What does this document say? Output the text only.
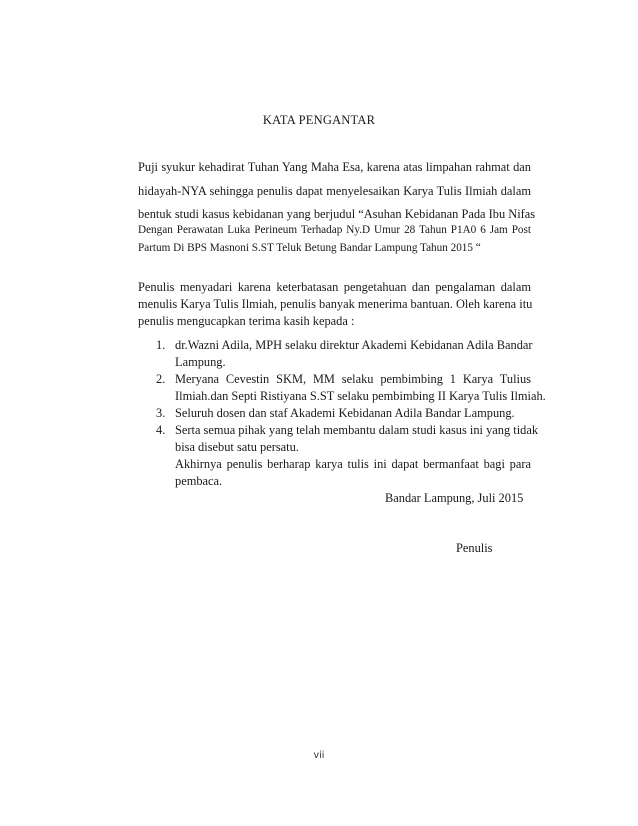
KATA PENGANTAR
Puji syukur kehadirat Tuhan Yang Maha Esa, karena atas limpahan rahmat dan
hidayah-NYA sehingga penulis dapat menyelesaikan Karya Tulis Ilmiah dalam
bentuk studi kasus kebidanan yang berjudul “Asuhan Kebidanan Pada Ibu Nifas
Dengan Perawatan Luka Perineum Terhadap Ny.D Umur 28 Tahun P1A0 6 Jam Post
Partum Di BPS Masnoni S.ST Teluk Betung Bandar Lampung Tahun 2015 “
Penulis menyadari karena keterbatasan pengetahuan dan pengalaman dalam
menulis Karya Tulis Ilmiah, penulis banyak menerima bantuan. Oleh karena itu
penulis mengucapkan terima kasih kepada :
1. dr.Wazni Adila, MPH selaku direktur Akademi Kebidanan Adila Bandar
Lampung.
2. Meryana Cevestin SKM, MM selaku pembimbing 1 Karya Tulius
Ilmiah.dan Septi Ristiyana S.ST selaku pembimbing II Karya Tulis Ilmiah.
3. Seluruh dosen dan staf Akademi Kebidanan Adila Bandar Lampung.
4. Serta semua pihak yang telah membantu dalam studi kasus ini yang tidak
bisa disebut satu persatu.
Akhirnya penulis berharap karya tulis ini dapat bermanfaat bagi para
pembaca.
Bandar Lampung, Juli 2015
Penulis
vii
